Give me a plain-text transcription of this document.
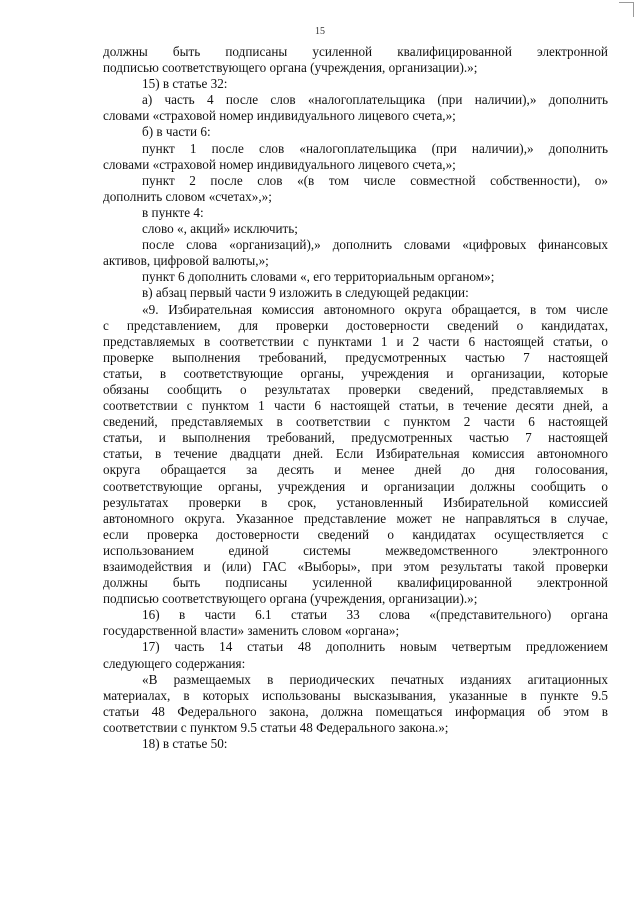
15
должны быть подписаны усиленной квалифицированной электронной
подписью соответствующего органа (учреждения, организации).»;
15) в статье 32:
а) часть 4 после слов «налогоплательщика (при наличии),» дополнить
словами «страховой номер индивидуального лицевого счета,»;
б) в части 6:
пункт 1 после слов «налогоплательщика (при наличии),» дополнить
словами «страховой номер индивидуального лицевого счета,»;
пункт 2 после слов «(в том числе совместной собственности), о»
дополнить словом «счетах»,»;
в пункте 4:
слово «, акций» исключить;
после слова «организаций),» дополнить словами «цифровых финансовых
активов, цифровой валюты,»;
пункт 6 дополнить словами «, его территориальным органом»;
в) абзац первый части 9 изложить в следующей редакции:
«9. Избирательная комиссия автономного округа обращается, в том числе
с представлением, для проверки достоверности сведений о кандидатах,
представляемых в соответствии с пунктами 1 и 2 части 6 настоящей статьи, о
проверке выполнения требований, предусмотренных частью 7 настоящей
статьи, в соответствующие органы, учреждения и организации, которые
обязаны сообщить о результатах проверки сведений, представляемых в
соответствии с пунктом 1 части 6 настоящей статьи, в течение десяти дней, а
сведений, представляемых в соответствии с пунктом 2 части 6 настоящей
статьи, и выполнения требований, предусмотренных частью 7 настоящей
статьи, в течение двадцати дней. Если Избирательная комиссия автономного
округа обращается за десять и менее дней до дня голосования,
соответствующие органы, учреждения и организации должны сообщить о
результатах проверки в срок, установленный Избирательной комиссией
автономного округа. Указанное представление может не направляться в случае,
если проверка достоверности сведений о кандидатах осуществляется с
использованием единой системы межведомственного электронного
взаимодействия и (или) ГАС «Выборы», при этом результаты такой проверки
должны быть подписаны усиленной квалифицированной электронной
подписью соответствующего органа (учреждения, организации).»;
16) в части 6.1 статьи 33 слова «(представительного) органа
государственной власти» заменить словом «органа»;
17) часть 14 статьи 48 дополнить новым четвертым предложением
следующего содержания:
«В размещаемых в периодических печатных изданиях агитационных
материалах, в которых использованы высказывания, указанные в пункте 9.5
статьи 48 Федерального закона, должна помещаться информация об этом в
соответствии с пунктом 9.5 статьи 48 Федерального закона.»;
18) в статье 50:
